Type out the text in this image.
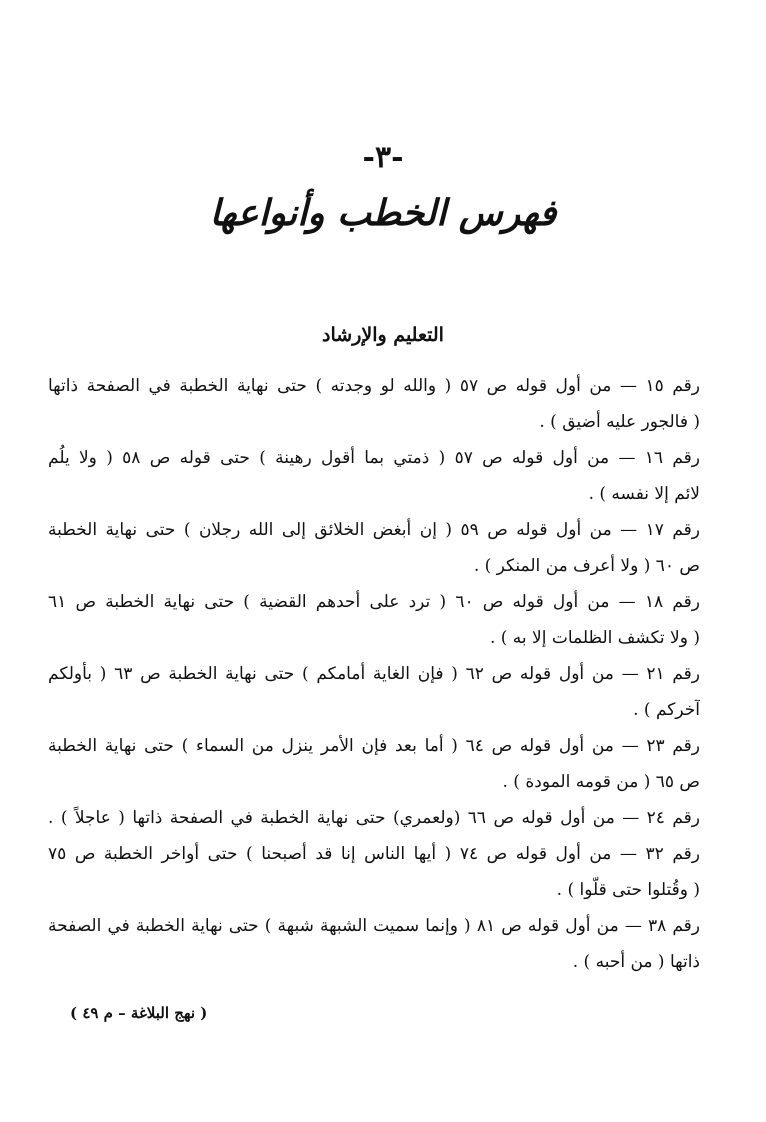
-٣-
فهرس الخطب وأنواعها
التعليم والإرشاد
رقم ١٥ — من أول قوله ص ٥٧ ( والله لو وجدته ) حتى نهاية الخطبة في الصفحة ذاتها
( فالجور عليه أضيق ) .
رقم ١٦ — من أول قوله ص ٥٧ ( ذمتي بما أقول رهينة ) حتى قوله ص ٥٨ ( ولا يلُم
لائم إلا نفسه ) .
رقم ١٧ — من أول قوله ص ٥٩ ( إن أبغض الخلائق إلى الله رجلان ) حتى نهاية الخطبة
ص ٦٠ ( ولا أعرف من المنكر ) .
رقم ١٨ — من أول قوله ص ٦٠ ( ترد على أحدهم القضية ) حتى نهاية الخطبة ص ٦١
( ولا تكشف الظلمات إلا به ) .
رقم ٢١ — من أول قوله ص ٦٢ ( فإن الغاية أمامكم ) حتى نهاية الخطبة ص ٦٣ ( بأولكم
آخركم ) .
رقم ٢٣ — من أول قوله ص ٦٤ ( أما بعد فإن الأمر ينزل من السماء ) حتى نهاية الخطبة
ص ٦٥ ( من قومه المودة ) .
رقم ٢٤ — من أول قوله ص ٦٦ (ولعمري) حتى نهاية الخطبة في الصفحة ذاتها ( عاجلاً ) .
رقم ٣٢ — من أول قوله ص ٧٤ ( أيها الناس إنا قد أصبحنا ) حتى أواخر الخطبة ص ٧٥
( وقُتلوا حتى قلّوا ) .
رقم ٣٨ — من أول قوله ص ٨١ ( وإنما سميت الشبهة شبهة ) حتى نهاية الخطبة في الصفحة
ذاتها ( من أحبه ) .
( نهج البلاغة – م ٤٩ )
